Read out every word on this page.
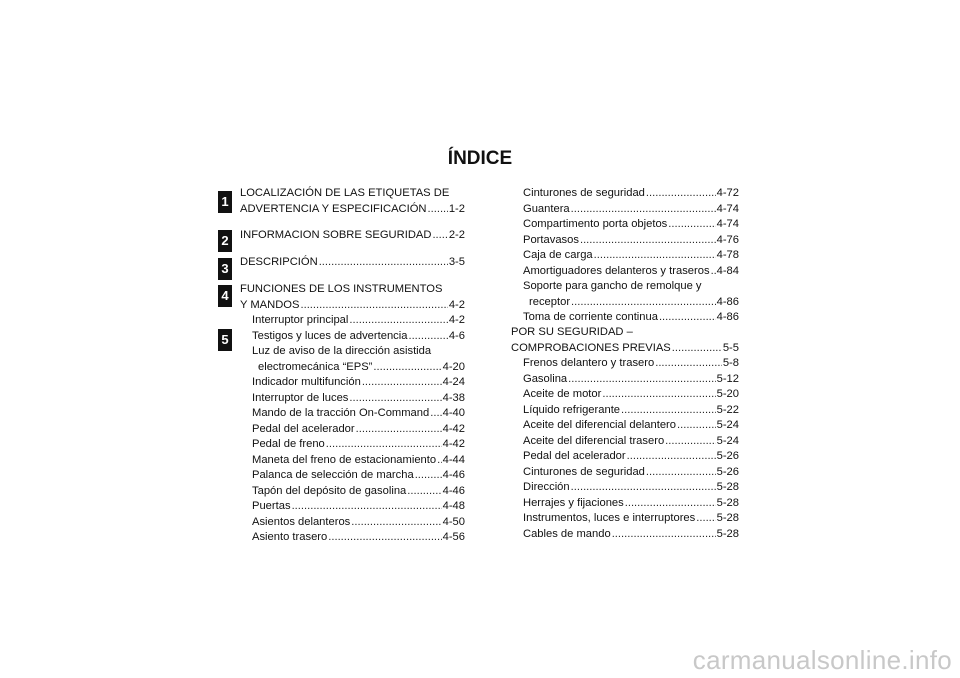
ÍNDICE
1
2
3
4
5
LOCALIZACIÓN DE LAS ETIQUETAS DE
ADVERTENCIA Y ESPECIFICACIÓN ..... 1-2
INFORMACION SOBRE SEGURIDAD ..... 2-2
DESCRIPCIÓN .....	3-5
FUNCIONES DE LOS INSTRUMENTOS
Y MANDOS .....	4-2
Interruptor principal .....	4-2
Testigos y luces de advertencia .....	4-6
Luz de aviso de la dirección asistida
electromecánica “EPS” .....	4-20
Indicador multifunción .....	4-24
Interruptor de luces .....	4-38
Mando de la tracción On-Command ..... 4-40
Pedal del acelerador .....	4-42
Pedal de freno .....	4-42
Maneta del freno de estacionamiento ..... 4-44
Palanca de selección de marcha .....	4-46
Tapón del depósito de gasolina .....	4-46
Puertas .....	4-48
Asientos delanteros .....	4-50
Asiento trasero .....	4-56
Cinturones de seguridad .....	4-72
Guantera .....	4-74
Compartimento porta objetos .....	4-74
Portavasos .....	4-76
Caja de carga .....	4-78
Amortiguadores delanteros y traseros ..... 4-84
Soporte para gancho de remolque y
receptor .....	4-86
Toma de corriente continua .....	4-86
POR SU SEGURIDAD –
COMPROBACIONES PREVIAS .....	5-5
Frenos delantero y trasero .....	5-8
Gasolina .....	5-12
Aceite de motor .....	5-20
Líquido refrigerante .....	5-22
Aceite del diferencial delantero .....	5-24
Aceite del diferencial trasero .....	5-24
Pedal del acelerador .....	5-26
Cinturones de seguridad .....	5-26
Dirección .....	5-28
Herrajes y fijaciones .....	5-28
Instrumentos, luces e interruptores ..... 5-28
Cables de mando .....	5-28
carmanualsonline.info
